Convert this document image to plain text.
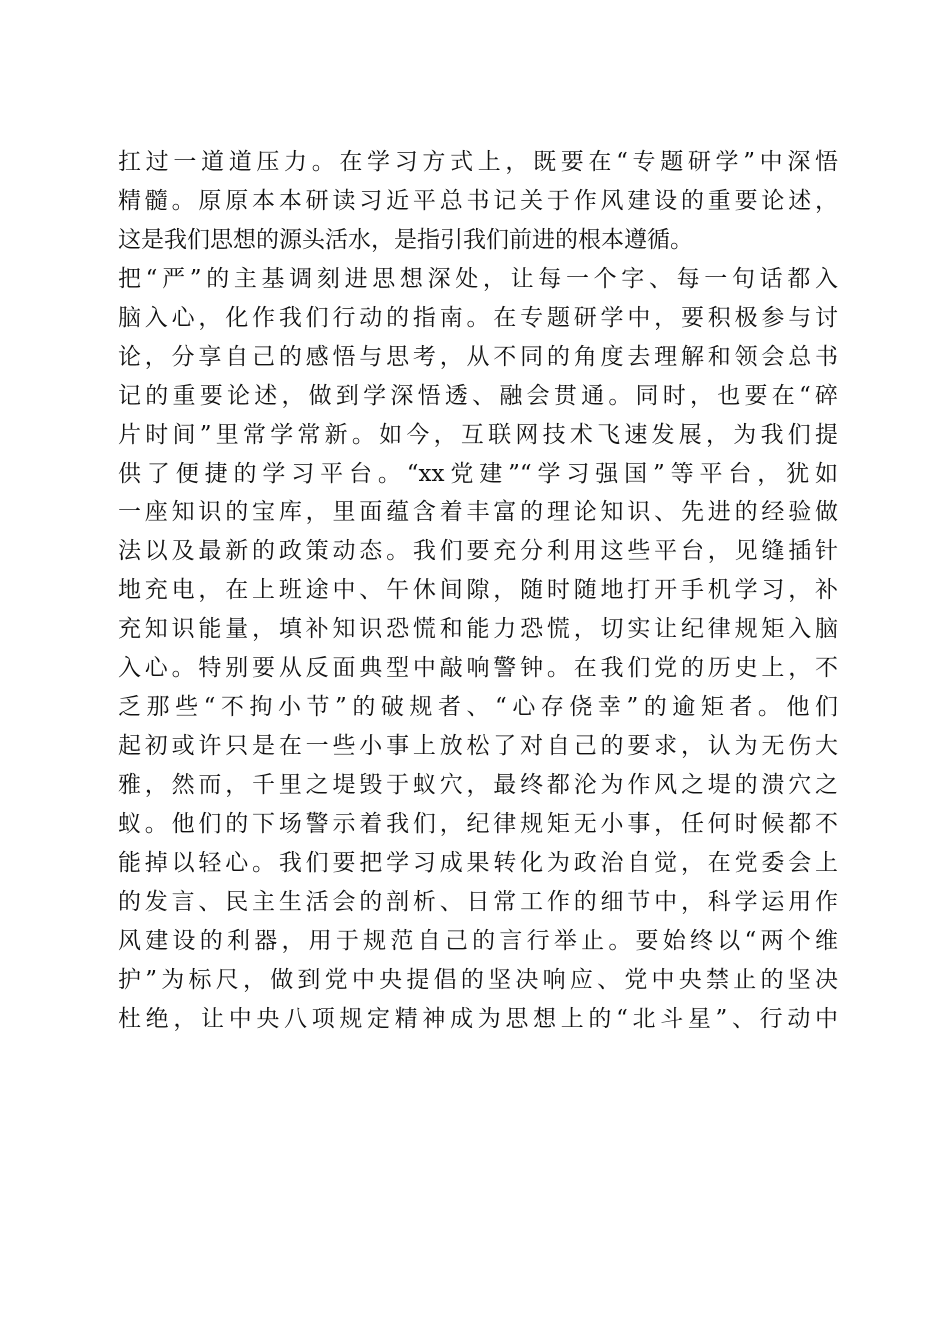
扛过一道道压力。在学习方式上，既要在“专题研学”中深悟
精髓。原原本本研读习近平总书记关于作风建设的重要论述，
这是我们思想的源头活水，是指引我们前进的根本遵循。
把“严”的主基调刻进思想深处，让每一个字、每一句话都入
脑入心，化作我们行动的指南。在专题研学中，要积极参与讨
论，分享自己的感悟与思考，从不同的角度去理解和领会总书
记的重要论述，做到学深悟透、融会贯通。同时，也要在“碎
片时间”里常学常新。如今，互联网技术飞速发展，为我们提
供了便捷的学习平台。“xx党建”“学习强国”等平台，犹如
一座知识的宝库，里面蕴含着丰富的理论知识、先进的经验做
法以及最新的政策动态。我们要充分利用这些平台，见缝插针
地充电，在上班途中、午休间隙，随时随地打开手机学习，补
充知识能量，填补知识恐慌和能力恐慌，切实让纪律规矩入脑
入心。特别要从反面典型中敲响警钟。在我们党的历史上，不
乏那些“不拘小节”的破规者、“心存侥幸”的逾矩者。他们
起初或许只是在一些小事上放松了对自己的要求，认为无伤大
雅，然而，千里之堤毁于蚁穴，最终都沦为作风之堤的溃穴之
蚁。他们的下场警示着我们，纪律规矩无小事，任何时候都不
能掉以轻心。我们要把学习成果转化为政治自觉，在党委会上
的发言、民主生活会的剖析、日常工作的细节中，科学运用作
风建设的利器，用于规范自己的言行举止。要始终以“两个维
护”为标尺，做到党中央提倡的坚决响应、党中央禁止的坚决
杜绝，让中央八项规定精神成为思想上的“北斗星”、行动中
